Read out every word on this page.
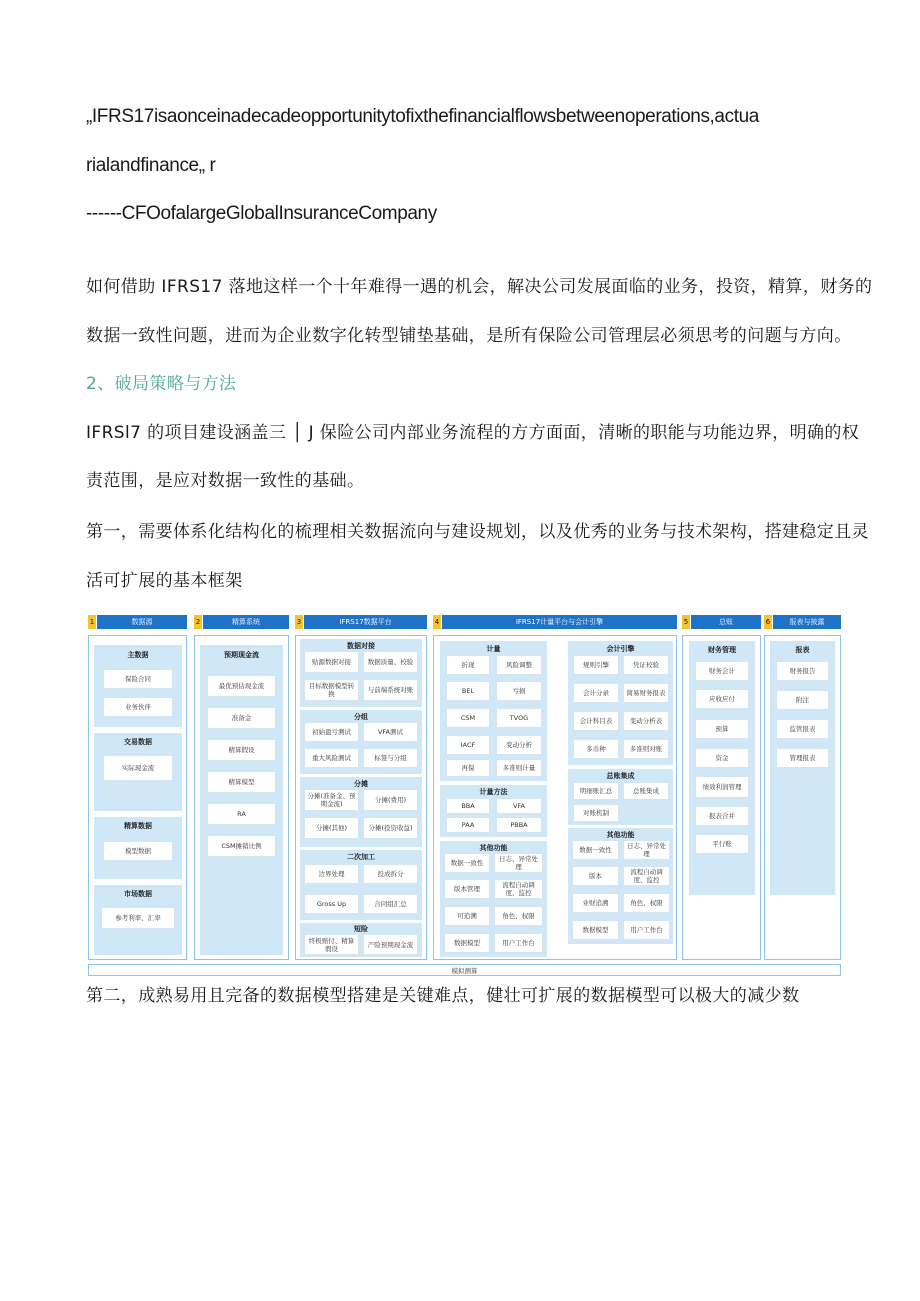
„IFRS17isaonceinadecadeopportunitytofixthefinancialflowsbetweenoperations,actua
rialandfinance„ r
------CFOofalargeGlobalInsuranceCompany
如何借助 IFRS17 落地这样一个十年难得一遇的机会，解决公司发展面临的业务，投资，精算，财务的
数据一致性问题，进而为企业数字化转型铺垫基础，是所有保险公司管理层必须思考的问题与方向。
2、破局策略与方法
IFRSl7 的项目建设涵盖三 │ J 保险公司内部业务流程的方方面面，清晰的职能与功能边界，明确的权
责范围，是应对数据一致性的基础。
第一，需要体系化结构化的梳理相关数据流向与建设规划，以及优秀的业务与技术架构，搭建稳定且灵
活可扩展的基本框架
1	数据源	2	精算系统	3	IFRS17数据平台	4	IFRS17计量平台与会计引擎	5	总账	6	报表与披露
主数据
保险合同
业务伙伴
交易数据
实际现金流
精算数据
模型数据
市场数据
参考利率、汇率
预期现金流
最优预估现金流
准备金
精算假设
精算模型
RA
CSM摊销比例
数据对接
贴源数据对接	数据质量、校验
目标数据模型转换	与前端系统对账
分组
初始盈亏测试	VFA测试
重大风险测试	标签与分组
分摊
分摊(准备金、预期金流)	分摊(费用)
分摊(其他)	分摊(投资收益)
二次加工
边界处理	投成拆分
Gross Up	合同组汇总
短险
终极赔付、精算假设	产险预期现金流
计量
折现	风险调整
BEL	亏损
CSM	TVOG
IACF	变动分析
再保	多准则计量
计量方法
BBA	VFA
PAA	PBBA
其他功能
数据一致性	日志、异常处理
版本管理	流程自动调度、监控
可追溯	角色、权限
数据模型	用户工作台
会计引擎
规则引擎	凭证校验
会计分录	简易财务报表
会计科目表	变动分析表
多币种	多准则对账
总账集成
明细账汇总	总账集成
对账机制
其他功能
数据一致性	日志、异常处理
版本	流程自动调度、监控
业财追溯	角色、权限
数据模型	用户工作台
财务管理
财务会计
应收应付
预算
资金
绩效利润管理
报表合并
平行账
报表
财务报告
附注
监管报表
管理报表
模拟测算
第二，成熟易用且完备的数据模型搭建是关键难点，健壮可扩展的数据模型可以极大的减少数
